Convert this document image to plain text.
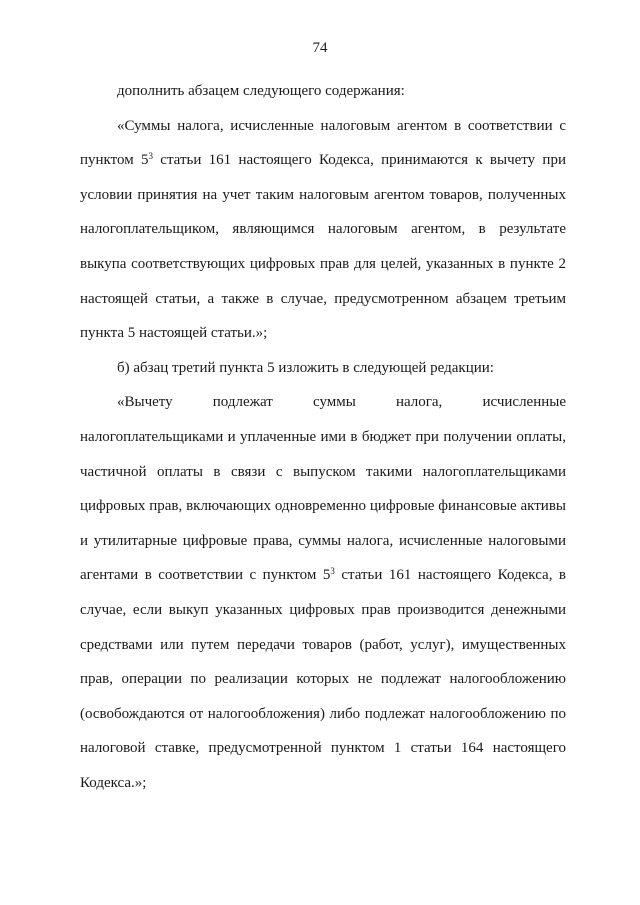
74

дополнить абзацем следующего содержания:

«Суммы налога, исчисленные налоговым агентом в соответствии с пунктом $5^3$ статьи 161 настоящего Кодекса, принимаются к вычету при условии принятия на учет таким налоговым агентом товаров, полученных налогоплательщиком, являющимся налоговым агентом, в результате выкупа соответствующих цифровых прав для целей, указанных в пункте 2 настоящей статьи, а также в случае, предусмотренном абзацем третьим пункта 5 настоящей статьи.»;

б) абзац третий пункта 5 изложить в следующей редакции:

«Вычету подлежат суммы налога, исчисленные налогоплательщиками и уплаченные ими в бюджет при получении оплаты, частичной оплаты в связи с выпуском такими налогоплательщиками цифровых прав, включающих одновременно цифровые финансовые активы и утилитарные цифровые права, суммы налога, исчисленные налоговыми агентами в соответствии с пунктом $5^3$ статьи 161 настоящего Кодекса, в случае, если выкуп указанных цифровых прав производится денежными средствами или путем передачи товаров (работ, услуг), имущественных прав, операции по реализации которых не подлежат налогообложению (освобождаются от налогообложения) либо подлежат налогообложению по налоговой ставке, предусмотренной пунктом 1 статьи 164 настоящего Кодекса.»;
